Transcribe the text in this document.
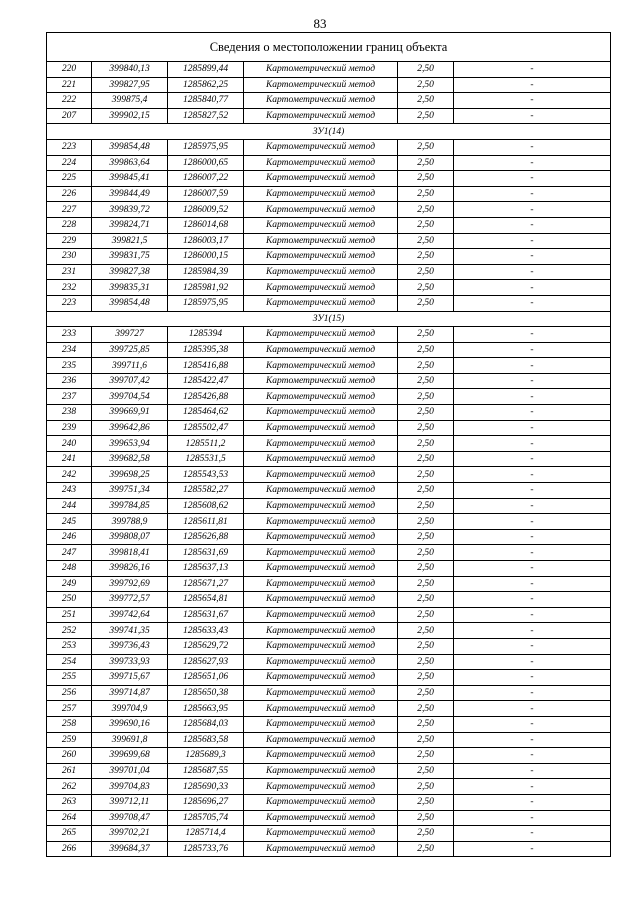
83
Сведения о местоположении границ объекта					
220	399840,13	1285899,44	Картометрический метод	2,50	-
221	399827,95	1285862,25	Картометрический метод	2,50	-
222	399875,4	1285840,77	Картометрический метод	2,50	-
207	399902,15	1285827,52	Картометрический метод	2,50	-
ЗУ1(14)					
223	399854,48	1285975,95	Картометрический метод	2,50	-
224	399863,64	1286000,65	Картометрический метод	2,50	-
225	399845,41	1286007,22	Картометрический метод	2,50	-
226	399844,49	1286007,59	Картометрический метод	2,50	-
227	399839,72	1286009,52	Картометрический метод	2,50	-
228	399824,71	1286014,68	Картометрический метод	2,50	-
229	399821,5	1286003,17	Картометрический метод	2,50	-
230	399831,75	1286000,15	Картометрический метод	2,50	-
231	399827,38	1285984,39	Картометрический метод	2,50	-
232	399835,31	1285981,92	Картометрический метод	2,50	-
223	399854,48	1285975,95	Картометрический метод	2,50	-
ЗУ1(15)					
233	399727	1285394	Картометрический метод	2,50	-
234	399725,85	1285395,38	Картометрический метод	2,50	-
235	399711,6	1285416,88	Картометрический метод	2,50	-
236	399707,42	1285422,47	Картометрический метод	2,50	-
237	399704,54	1285426,88	Картометрический метод	2,50	-
238	399669,91	1285464,62	Картометрический метод	2,50	-
239	399642,86	1285502,47	Картометрический метод	2,50	-
240	399653,94	1285511,2	Картометрический метод	2,50	-
241	399682,58	1285531,5	Картометрический метод	2,50	-
242	399698,25	1285543,53	Картометрический метод	2,50	-
243	399751,34	1285582,27	Картометрический метод	2,50	-
244	399784,85	1285608,62	Картометрический метод	2,50	-
245	399788,9	1285611,81	Картометрический метод	2,50	-
246	399808,07	1285626,88	Картометрический метод	2,50	-
247	399818,41	1285631,69	Картометрический метод	2,50	-
248	399826,16	1285637,13	Картометрический метод	2,50	-
249	399792,69	1285671,27	Картометрический метод	2,50	-
250	399772,57	1285654,81	Картометрический метод	2,50	-
251	399742,64	1285631,67	Картометрический метод	2,50	-
252	399741,35	1285633,43	Картометрический метод	2,50	-
253	399736,43	1285629,72	Картометрический метод	2,50	-
254	399733,93	1285627,93	Картометрический метод	2,50	-
255	399715,67	1285651,06	Картометрический метод	2,50	-
256	399714,87	1285650,38	Картометрический метод	2,50	-
257	399704,9	1285663,95	Картометрический метод	2,50	-
258	399690,16	1285684,03	Картометрический метод	2,50	-
259	399691,8	1285683,58	Картометрический метод	2,50	-
260	399699,68	1285689,3	Картометрический метод	2,50	-
261	399701,04	1285687,55	Картометрический метод	2,50	-
262	399704,83	1285690,33	Картометрический метод	2,50	-
263	399712,11	1285696,27	Картометрический метод	2,50	-
264	399708,47	1285705,74	Картометрический метод	2,50	-
265	399702,21	1285714,4	Картометрический метод	2,50	-
266	399684,37	1285733,76	Картометрический метод	2,50	-
